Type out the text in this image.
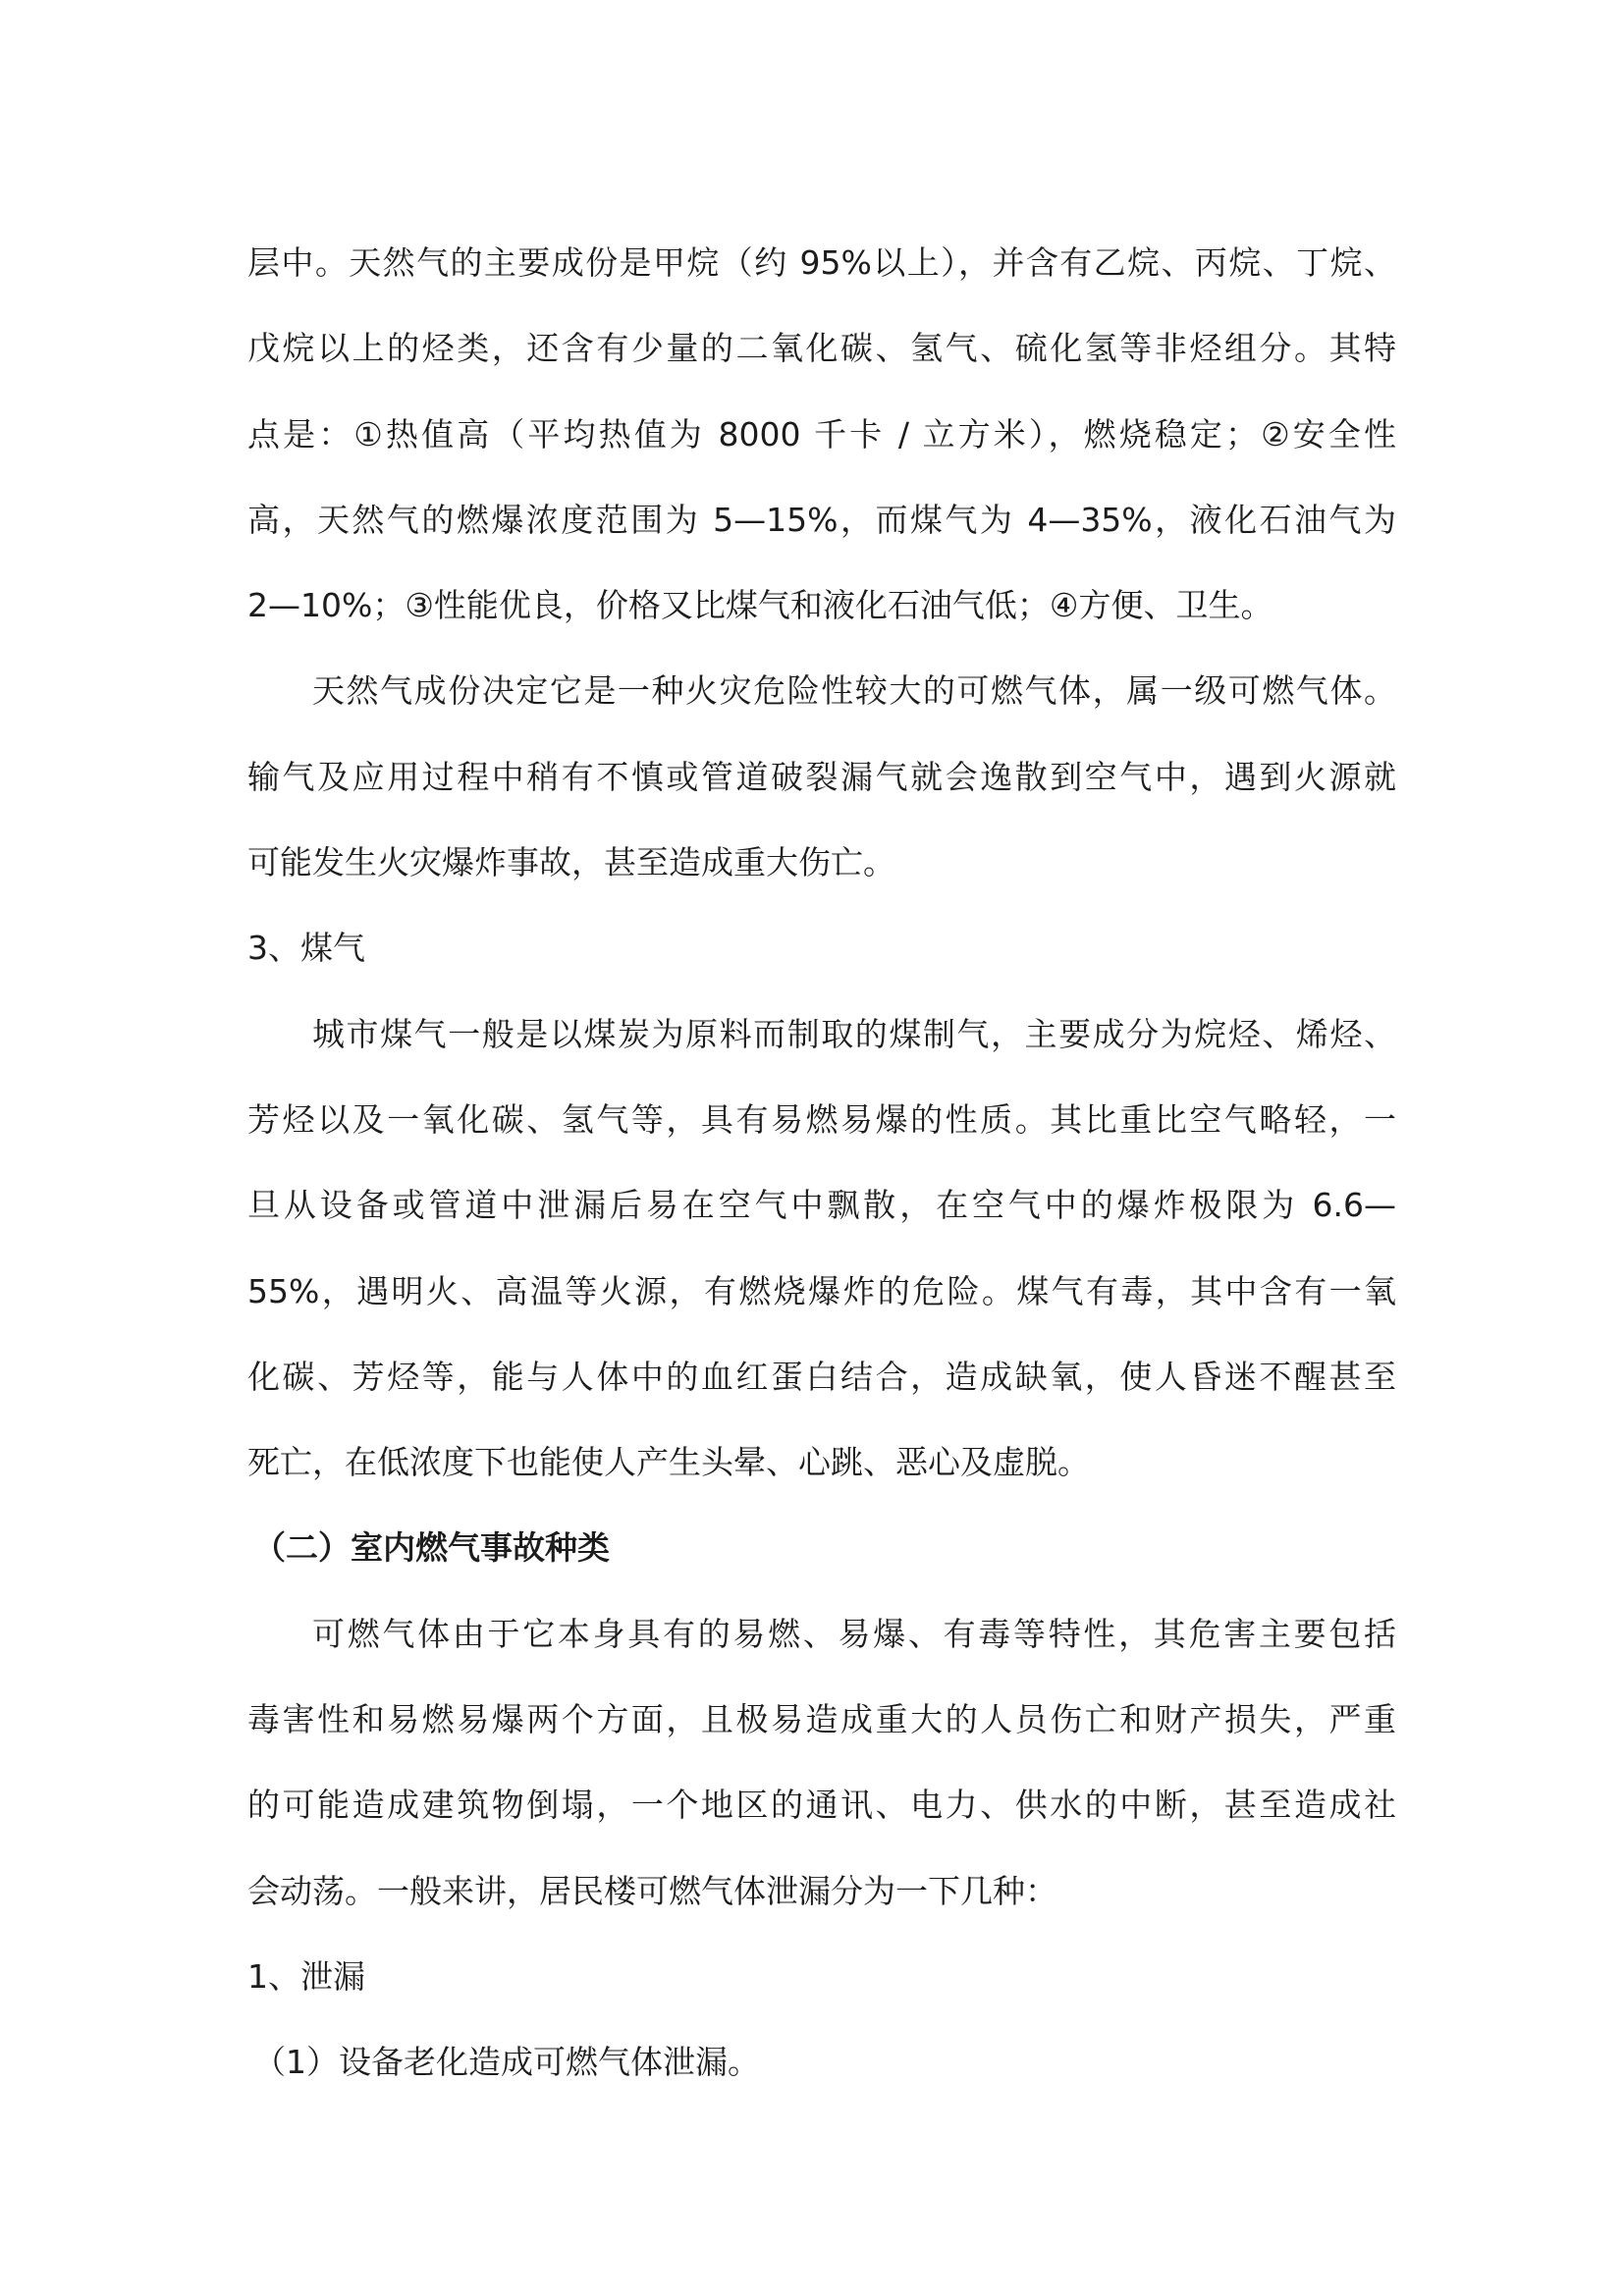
层中。天然气的主要成份是甲烷（约 95%以上），并含有乙烷、丙烷、丁烷、
戊烷以上的烃类，还含有少量的二氧化碳、氢气、硫化氢等非烃组分。其特
点是：①热值高（平均热值为 8000 千卡 / 立方米），燃烧稳定；②安全性
高，天然气的燃爆浓度范围为 5—15%，而煤气为 4—35%，液化石油气为
2—10%；③性能优良，价格又比煤气和液化石油气低；④方便、卫生。
天然气成份决定它是一种火灾危险性较大的可燃气体，属一级可燃气体。
输气及应用过程中稍有不慎或管道破裂漏气就会逸散到空气中，遇到火源就
可能发生火灾爆炸事故，甚至造成重大伤亡。
3、煤气
城市煤气一般是以煤炭为原料而制取的煤制气，主要成分为烷烃、烯烃、
芳烃以及一氧化碳、氢气等，具有易燃易爆的性质。其比重比空气略轻，一
旦从设备或管道中泄漏后易在空气中飘散，在空气中的爆炸极限为 6.6—
55%，遇明火、高温等火源，有燃烧爆炸的危险。煤气有毒，其中含有一氧
化碳、芳烃等，能与人体中的血红蛋白结合，造成缺氧，使人昏迷不醒甚至
死亡，在低浓度下也能使人产生头晕、心跳、恶心及虚脱。
（二）室内燃气事故种类
可燃气体由于它本身具有的易燃、易爆、有毒等特性，其危害主要包括
毒害性和易燃易爆两个方面，且极易造成重大的人员伤亡和财产损失，严重
的可能造成建筑物倒塌，一个地区的通讯、电力、供水的中断，甚至造成社
会动荡。一般来讲，居民楼可燃气体泄漏分为一下几种：
1、泄漏
（1）设备老化造成可燃气体泄漏。
